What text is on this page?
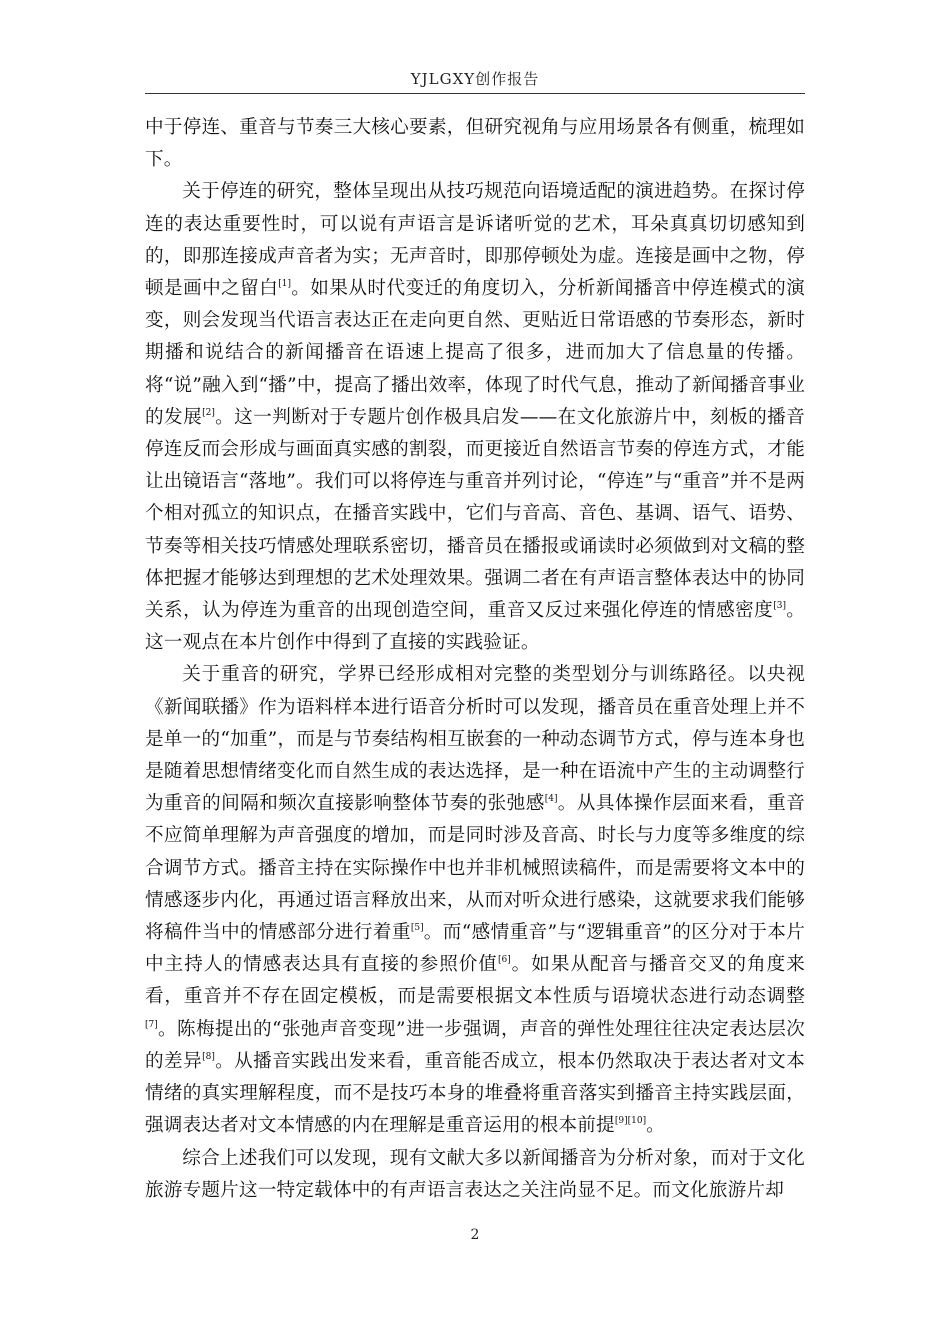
YJLGXY创作报告

中于停连、重音与节奏三大核心要素，但研究视角与应用场景各有侧重，梳理如下。

关于停连的研究，整体呈现出从技巧规范向语境适配的演进趋势。在探讨停连的表达重要性时，可以说有声语言是诉诸听觉的艺术，耳朵真真切切感知到的，即那连接成声音者为实；无声音时，即那停顿处为虚。连接是画中之物，停顿是画中之留白[1]。如果从时代变迁的角度切入，分析新闻播音中停连模式的演变，则会发现当代语言表达正在走向更自然、更贴近日常语感的节奏形态，新时期播和说结合的新闻播音在语速上提高了很多，进而加大了信息量的传播。将“说”融入到“播”中，提高了播出效率，体现了时代气息，推动了新闻播音事业的发展[2]。这一判断对于专题片创作极具启发——在文化旅游片中，刻板的播音停连反而会形成与画面真实感的割裂，而更接近自然语言节奏的停连方式，才能让出镜语言“落地”。我们可以将停连与重音并列讨论，“停连”与“重音”并不是两个相对孤立的知识点，在播音实践中，它们与音高、音色、基调、语气、语势、节奏等相关技巧情感处理联系密切，播音员在播报或诵读时必须做到对文稿的整体把握才能够达到理想的艺术处理效果。强调二者在有声语言整体表达中的协同关系，认为停连为重音的出现创造空间，重音又反过来强化停连的情感密度[3]。这一观点在本片创作中得到了直接的实践验证。

关于重音的研究，学界已经形成相对完整的类型划分与训练路径。以央视《新闻联播》作为语料样本进行语音分析时可以发现，播音员在重音处理上并不是单一的“加重”，而是与节奏结构相互嵌套的一种动态调节方式，停与连本身也是随着思想情绪变化而自然生成的表达选择，是一种在语流中产生的主动调整行为重音的间隔和频次直接影响整体节奏的张弛感[4]。从具体操作层面来看，重音不应简单理解为声音强度的增加，而是同时涉及音高、时长与力度等多维度的综合调节方式。播音主持在实际操作中也并非机械照读稿件，而是需要将文本中的情感逐步内化，再通过语言释放出来，从而对听众进行感染，这就要求我们能够将稿件当中的情感部分进行着重[5]。而“感情重音”与“逻辑重音”的区分对于本片中主持人的情感表达具有直接的参照价值[6]。如果从配音与播音交叉的角度来看，重音并不存在固定模板，而是需要根据文本性质与语境状态进行动态调整[7]。陈梅提出的“张弛声音变现”进一步强调，声音的弹性处理往往决定表达层次的差异[8]。从播音实践出发来看，重音能否成立，根本仍然取决于表达者对文本情绪的真实理解程度，而不是技巧本身的堆叠将重音落实到播音主持实践层面，强调表达者对文本情感的内在理解是重音运用的根本前提[9][10]。

综合上述我们可以发现，现有文献大多以新闻播音为分析对象，而对于文化旅游专题片这一特定载体中的有声语言表达之关注尚显不足。而文化旅游片却

2
